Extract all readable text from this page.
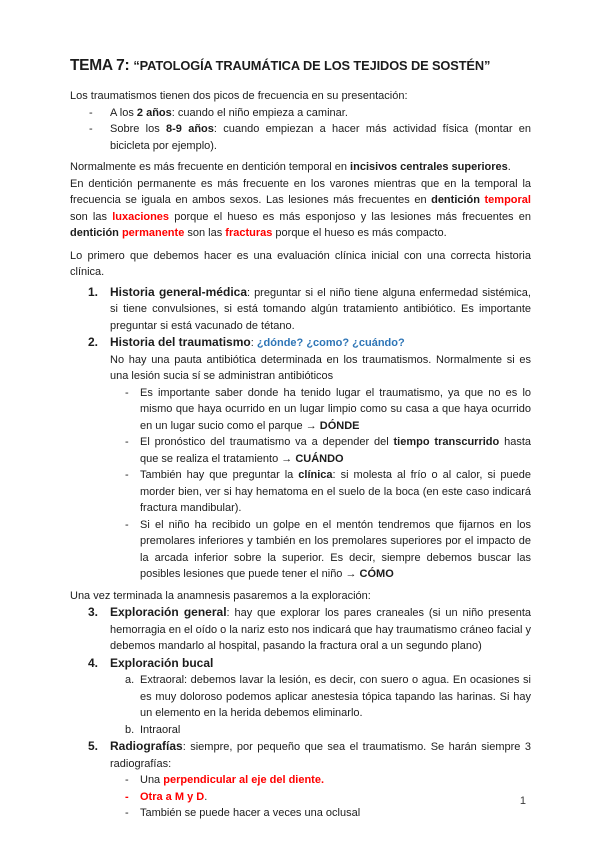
TEMA 7: “PATOLOGÍA TRAUMÁTICA DE LOS TEJIDOS DE SOSTÉN”

Los traumatismos tienen dos picos de frecuencia en su presentación:

-	A los 2 años: cuando el niño empieza a caminar.

-	Sobre los 8-9 años: cuando empiezan a hacer más actividad física (montar en bicicleta por ejemplo).

Normalmente es más frecuente en dentición temporal en incisivos centrales superiores.

En dentición permanente es más frecuente en los varones mientras que en la temporal la frecuencia se iguala en ambos sexos. Las lesiones más frecuentes en dentición temporal son las luxaciones porque el hueso es más esponjoso y las lesiones más frecuentes en dentición permanente son las fracturas porque el hueso es más compacto.

Lo primero que debemos hacer es una evaluación clínica inicial con una correcta historia clínica.

1. Historia general-médica: preguntar si el niño tiene alguna enfermedad sistémica, si tiene convulsiones, si está tomando algún tratamiento antibiótico. Es importante preguntar si está vacunado de tétano.

2. Historia del traumatismo: ¿dónde? ¿como? ¿cuándo?

No hay una pauta antibiótica determinada en los traumatismos. Normalmente si es una lesión sucia sí se administran antibióticos

-	Es importante saber donde ha tenido lugar el traumatismo, ya que no es lo mismo que haya ocurrido en un lugar limpio como su casa a que haya ocurrido en un lugar sucio como el parque → DÓNDE

-	El pronóstico del traumatismo va a depender del tiempo transcurrido hasta que se realiza el tratamiento → CUÁNDO

-	También hay que preguntar la clínica: si molesta al frío o al calor, si puede morder bien, ver si hay hematoma en el suelo de la boca (en este caso indicará fractura mandibular).

-	Si el niño ha recibido un golpe en el mentón tendremos que fijarnos en los premolares inferiores y también en los premolares superiores por el impacto de la arcada inferior sobre la superior. Es decir, siempre debemos buscar las posibles lesiones que puede tener el niño → CÓMO

Una vez terminada la anamnesis pasaremos a la exploración:

3. Exploración general: hay que explorar los pares craneales (si un niño presenta hemorragia en el oído o la nariz esto nos indicará que hay traumatismo cráneo facial y debemos mandarlo al hospital, pasando la fractura oral a un segundo plano)

4. Exploración bucal

a. Extraoral: debemos lavar la lesión, es decir, con suero o agua. En ocasiones si es muy doloroso podemos aplicar anestesia tópica tapando las harinas. Si hay un elemento en la herida debemos eliminarlo.

b. Intraoral

5. Radiografías: siempre, por pequeño que sea el traumatismo. Se harán siempre 3 radiografías:

-	Una perpendicular al eje del diente.

-	Otra a M y D.

-	También se puede hacer a veces una oclusal

1
